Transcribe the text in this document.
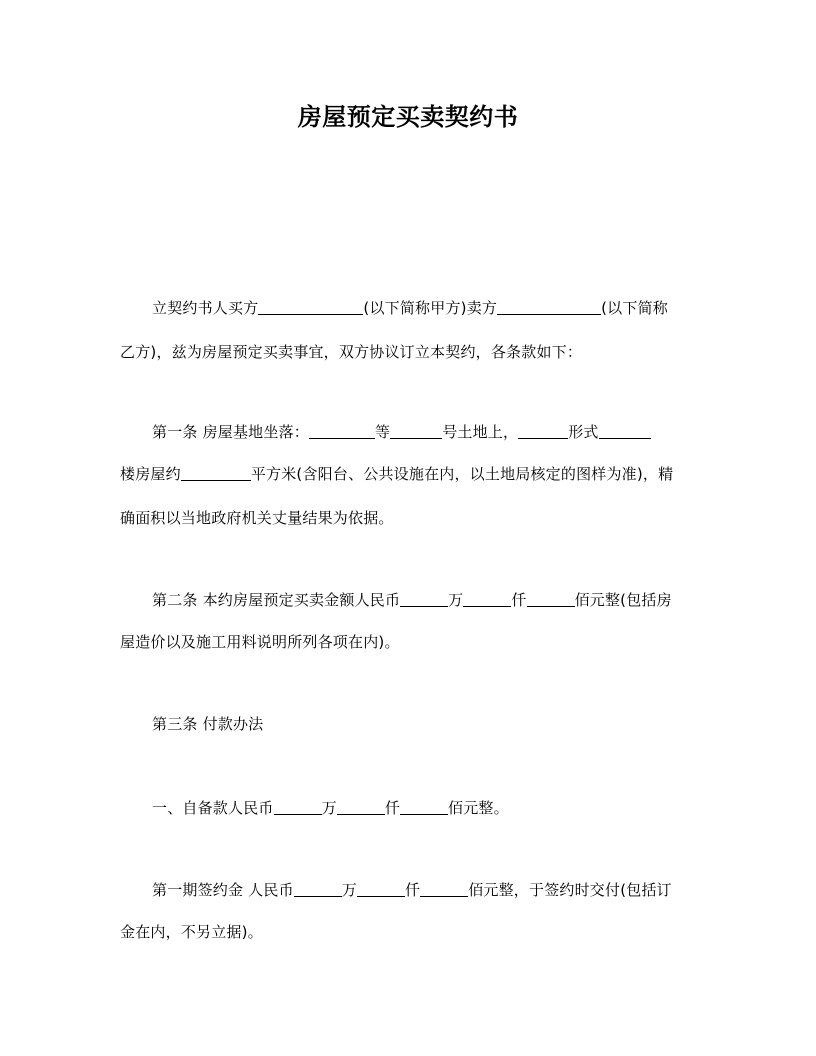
房屋预定买卖契约书
立契约书人买方	(以下简称甲方)卖方	(以下简称
乙方)，兹为房屋预定买卖事宜，双方协议订立本契约，各条款如下：
第一条 房屋基地坐落：	等	号土地上，	形式
楼房屋约	平方米(含阳台、公共设施在内，以土地局核定的图样为准)，精
确面积以当地政府机关丈量结果为依据。
第二条 本约房屋预定买卖金额人民币	万	仟	佰元整(包括房
屋造价以及施工用料说明所列各项在内)。
第三条 付款办法
一、自备款人民币	万	仟	佰元整。
第一期签约金 人民币	万	仟	佰元整，于签约时交付(包括订
金在内，不另立据)。
